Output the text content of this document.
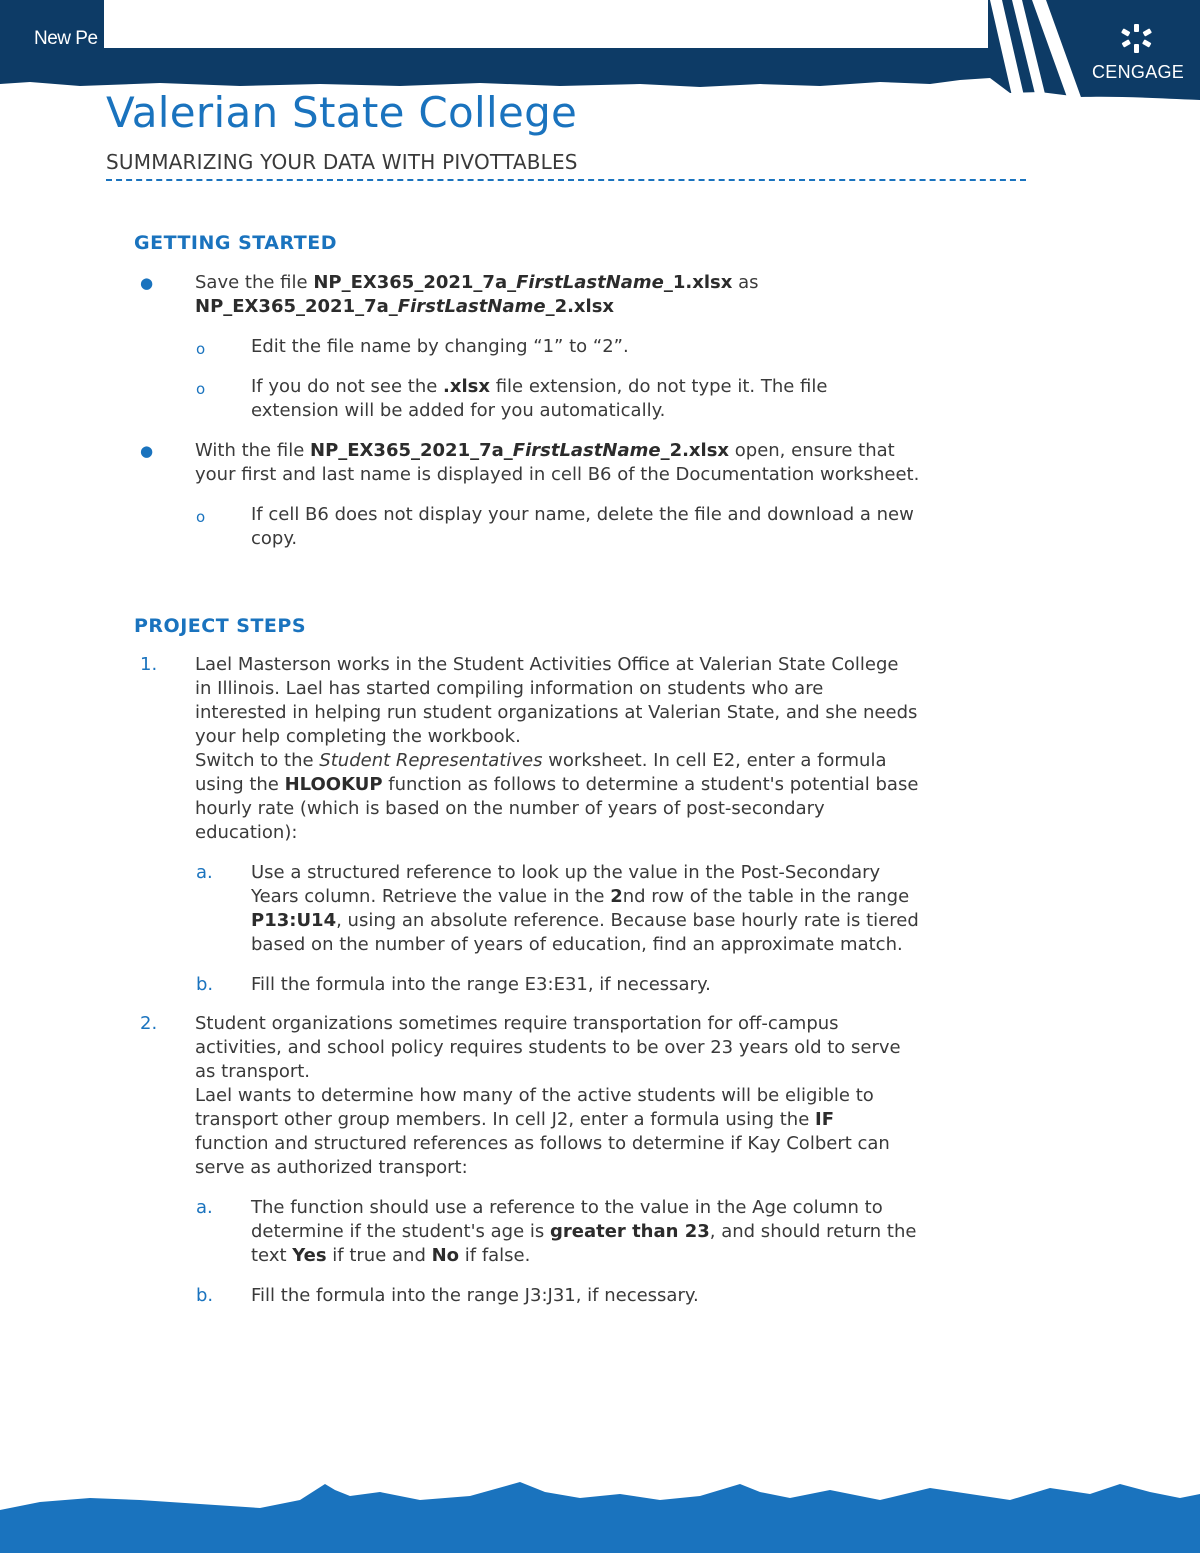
New Pe
CENGAGE
Valerian State College
SUMMARIZING YOUR DATA WITH PIVOTTABLES
GETTING STARTED
● Save the file NP_EX365_2021_7a_FirstLastName_1.xlsx as
NP_EX365_2021_7a_FirstLastName_2.xlsx
o	Edit the file name by changing “1” to “2”.
o	If you do not see the .xlsx file extension, do not type it. The file
extension will be added for you automatically.
● With the file NP_EX365_2021_7a_FirstLastName_2.xlsx open, ensure that
your first and last name is displayed in cell B6 of the Documentation worksheet.
o	If cell B6 does not display your name, delete the file and download a new
copy.
PROJECT STEPS
1. Lael Masterson works in the Student Activities Office at Valerian State College
in Illinois. Lael has started compiling information on students who are
interested in helping run student organizations at Valerian State, and she needs
your help completing the workbook.
Switch to the Student Representatives worksheet. In cell E2, enter a formula
using the HLOOKUP function as follows to determine a student's potential base
hourly rate (which is based on the number of years of post-secondary
education):
a. Use a structured reference to look up the value in the Post-Secondary
Years column. Retrieve the value in the 2nd row of the table in the range
P13:U14, using an absolute reference. Because base hourly rate is tiered
based on the number of years of education, find an approximate match.
b. Fill the formula into the range E3:E31, if necessary.
2. Student organizations sometimes require transportation for off-campus
activities, and school policy requires students to be over 23 years old to serve
as transport.
Lael wants to determine how many of the active students will be eligible to
transport other group members. In cell J2, enter a formula using the IF
function and structured references as follows to determine if Kay Colbert can
serve as authorized transport:
a. The function should use a reference to the value in the Age column to
determine if the student's age is greater than 23, and should return the
text Yes if true and No if false.
b. Fill the formula into the range J3:J31, if necessary.
